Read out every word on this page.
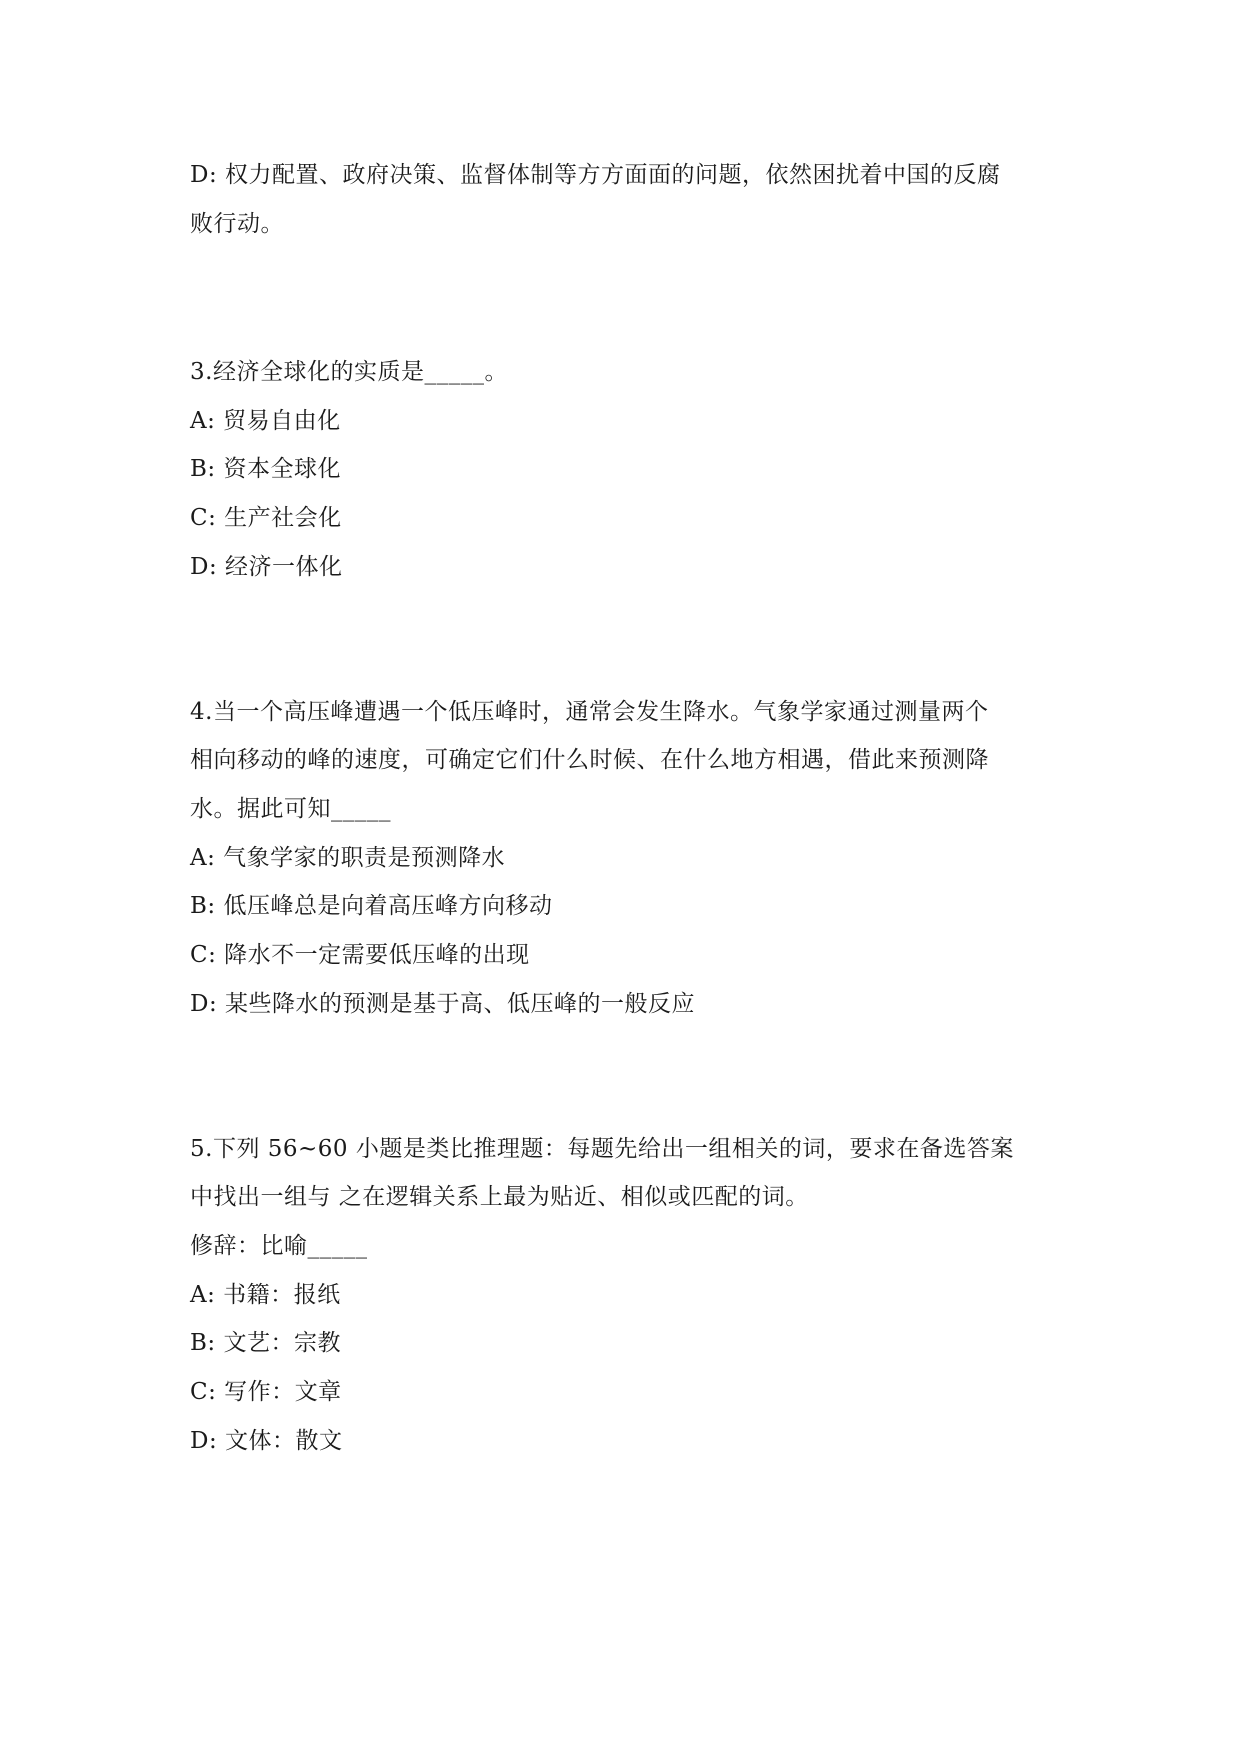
D: 权力配置、政府决策、监督体制等方方面面的问题，依然困扰着中国的反腐
败行动。
3.经济全球化的实质是_____。
A: 贸易自由化
B: 资本全球化
C: 生产社会化
D: 经济一体化
4.当一个高压峰遭遇一个低压峰时，通常会发生降水。气象学家通过测量两个
相向移动的峰的速度，可确定它们什么时候、在什么地方相遇，借此来预测降
水。据此可知_____
A: 气象学家的职责是预测降水
B: 低压峰总是向着高压峰方向移动
C: 降水不一定需要低压峰的出现
D: 某些降水的预测是基于高、低压峰的一般反应
5.下列 56~60 小题是类比推理题：每题先给出一组相关的词，要求在备选答案
中找出一组与 之在逻辑关系上最为贴近、相似或匹配的词。
修辞：比喻_____
A: 书籍：报纸
B: 文艺：宗教
C: 写作：文章
D: 文体：散文
